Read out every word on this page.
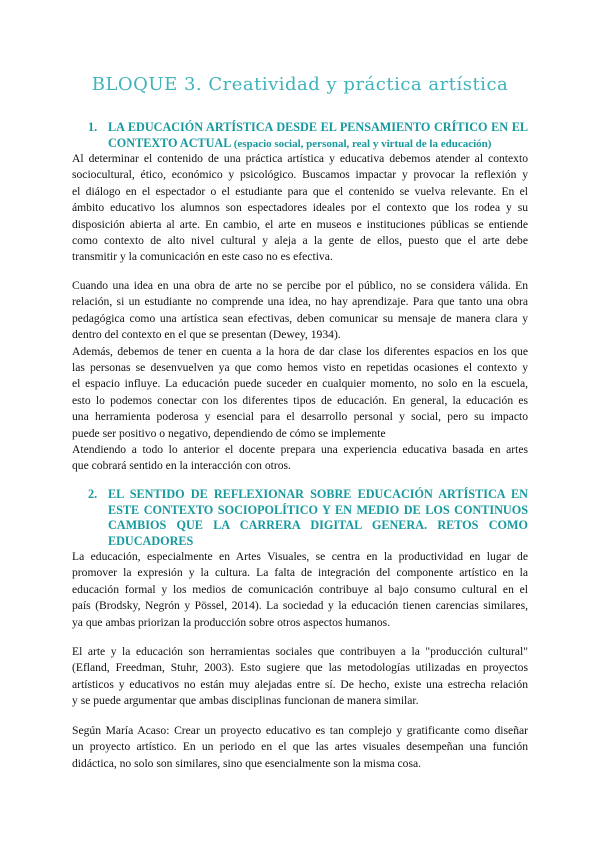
BLOQUE 3. Creatividad y práctica artística
1. LA EDUCACIÓN ARTÍSTICA DESDE EL PENSAMIENTO CRÍTICO EN EL
CONTEXTO ACTUAL (espacio social, personal, real y virtual de la educación)
Al determinar el contenido de una práctica artística y educativa debemos atender al contexto
sociocultural, ético, económico y psicológico. Buscamos impactar y provocar la reflexión y
el diálogo en el espectador o el estudiante para que el contenido se vuelva relevante. En el
ámbito educativo los alumnos son espectadores ideales por el contexto que los rodea y su
disposición abierta al arte. En cambio, el arte en museos e instituciones públicas se entiende
como contexto de alto nivel cultural y aleja a la gente de ellos, puesto que el arte debe
transmitir y la comunicación en este caso no es efectiva.
Cuando una idea en una obra de arte no se percibe por el público, no se considera válida. En
relación, si un estudiante no comprende una idea, no hay aprendizaje. Para que tanto una obra
pedagógica como una artística sean efectivas, deben comunicar su mensaje de manera clara y
dentro del contexto en el que se presentan (Dewey, 1934).
Además, debemos de tener en cuenta a la hora de dar clase los diferentes espacios en los que
las personas se desenvuelven ya que como hemos visto en repetidas ocasiones el contexto y
el espacio influye. La educación puede suceder en cualquier momento, no solo en la escuela,
esto lo podemos conectar con los diferentes tipos de educación. En general, la educación es
una herramienta poderosa y esencial para el desarrollo personal y social, pero su impacto
puede ser positivo o negativo, dependiendo de cómo se implemente
Atendiendo a todo lo anterior el docente prepara una experiencia educativa basada en artes
que cobrará sentido en la interacción con otros.
2. EL SENTIDO DE REFLEXIONAR SOBRE EDUCACIÓN ARTÍSTICA EN
ESTE CONTEXTO SOCIOPOLÍTICO Y EN MEDIO DE LOS CONTINUOS
CAMBIOS QUE LA CARRERA DIGITAL GENERA. RETOS COMO
EDUCADORES
La educación, especialmente en Artes Visuales, se centra en la productividad en lugar de
promover la expresión y la cultura. La falta de integración del componente artístico en la
educación formal y los medios de comunicación contribuye al bajo consumo cultural en el
país (Brodsky, Negrón y Pössel, 2014). La sociedad y la educación tienen carencias similares,
ya que ambas priorizan la producción sobre otros aspectos humanos.
El arte y la educación son herramientas sociales que contribuyen a la "producción cultural"
(Efland, Freedman, Stuhr, 2003). Esto sugiere que las metodologías utilizadas en proyectos
artísticos y educativos no están muy alejadas entre sí. De hecho, existe una estrecha relación
y se puede argumentar que ambas disciplinas funcionan de manera similar.
Según María Acaso: Crear un proyecto educativo es tan complejo y gratificante como diseñar
un proyecto artístico. En un periodo en el que las artes visuales desempeñan una función
didáctica, no solo son similares, sino que esencialmente son la misma cosa.
